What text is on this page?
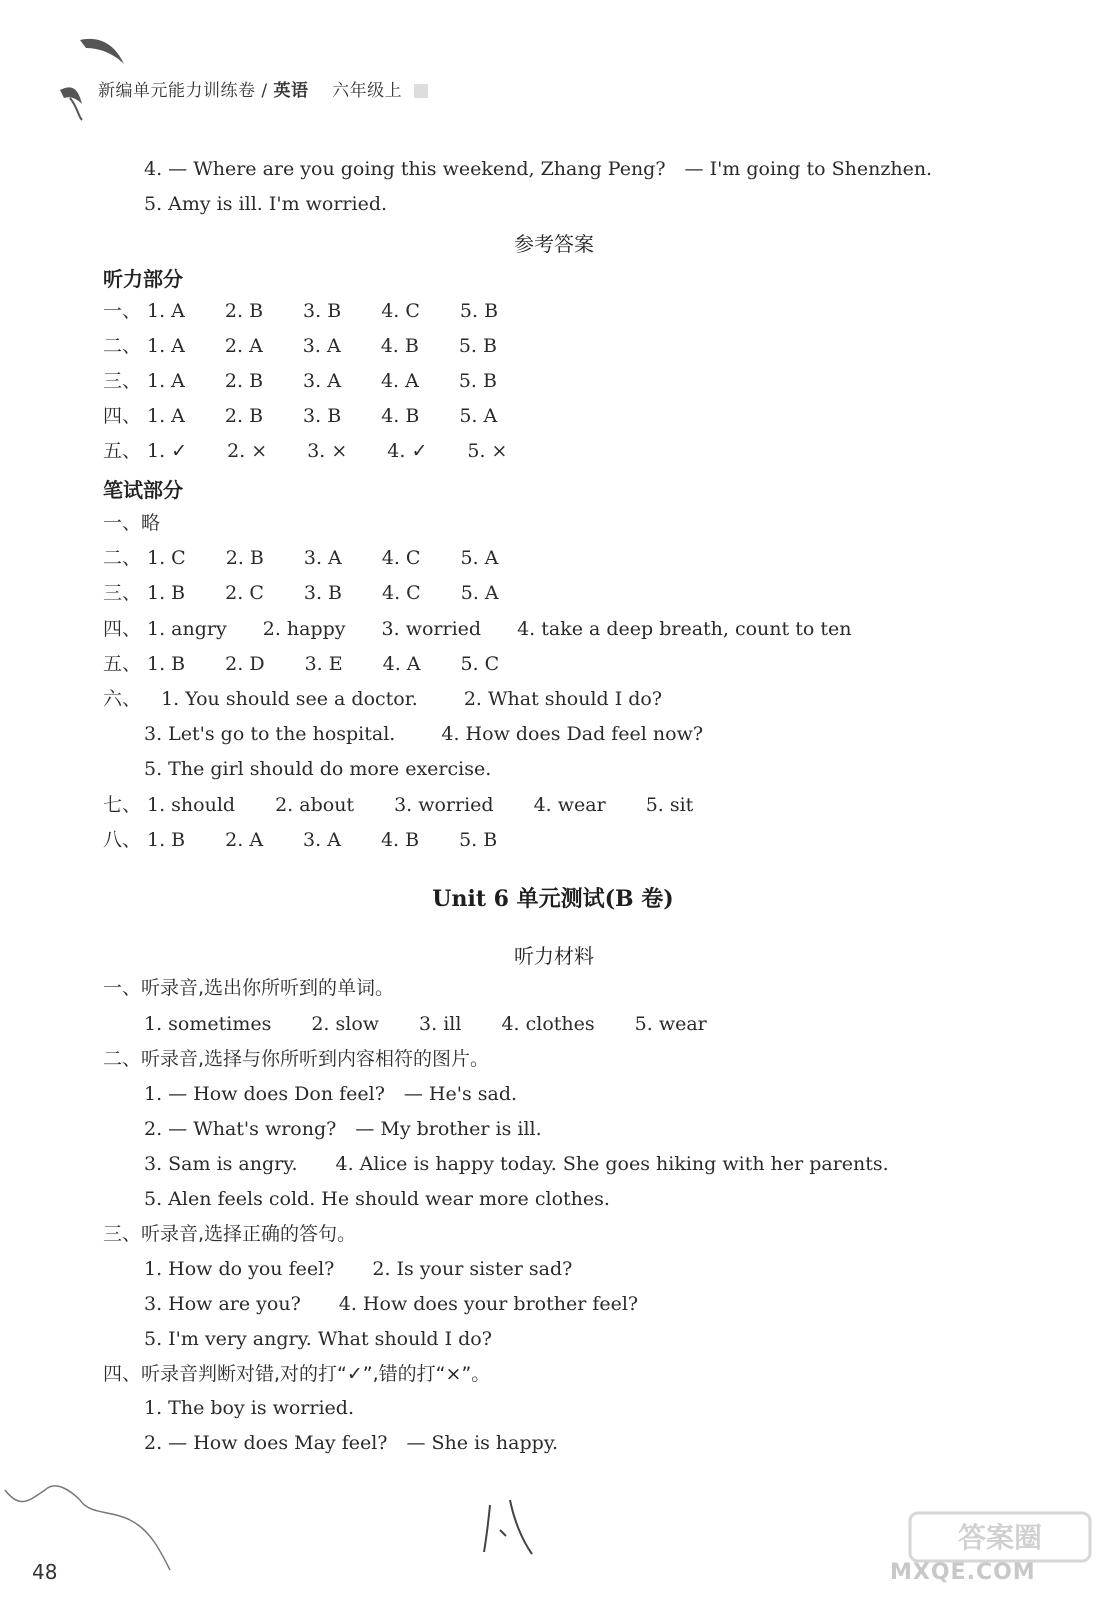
新编单元能力训练卷 / 英语 六年级上
4. — Where are you going this weekend, Zhang Peng?　— I'm going to Shenzhen.
5. Amy is ill. I'm worried.
参考答案
听力部分
一、 1. A 2. B 3. B 4. C 5. B
二、 1. A 2. A 3. A 4. B 5. B
三、 1. A 2. B 3. A 4. A 5. B
四、 1. A 2. B 3. B 4. B 5. A
五、 1. ✓ 2. × 3. × 4. ✓ 5. ×
笔试部分
一、略
二、 1. C 2. B 3. A 4. C 5. A
三、 1. B 2. C 3. B 4. C 5. A
四、 1. angry 2. happy 3. worried 4. take a deep breath, count to ten
五、 1. B 2. D 3. E 4. A 5. C
六、 1. You should see a doctor. 2. What should I do?
3. Let's go to the hospital. 4. How does Dad feel now?
5. The girl should do more exercise.
七、 1. should 2. about 3. worried 4. wear 5. sit
八、 1. B 2. A 3. A 4. B 5. B
Unit 6 单元测试(B 卷)
听力材料
一、听录音,选出你所听到的单词。
1. sometimes 2. slow 3. ill 4. clothes 5. wear
二、听录音,选择与你所听到内容相符的图片。
1. — How does Don feel?　— He's sad.
2. — What's wrong?　— My brother is ill.
3. Sam is angry.　　4. Alice is happy today. She goes hiking with her parents.
5. Alen feels cold. He should wear more clothes.
三、听录音,选择正确的答句。
1. How do you feel?　　2. Is your sister sad?
3. How are you?　　4. How does your brother feel?
5. I'm very angry. What should I do?
四、听录音判断对错,对的打“✓”,错的打“×”。
1. The boy is worried.
2. — How does May feel?　— She is happy.
48
答案圈
MXQE.COM
